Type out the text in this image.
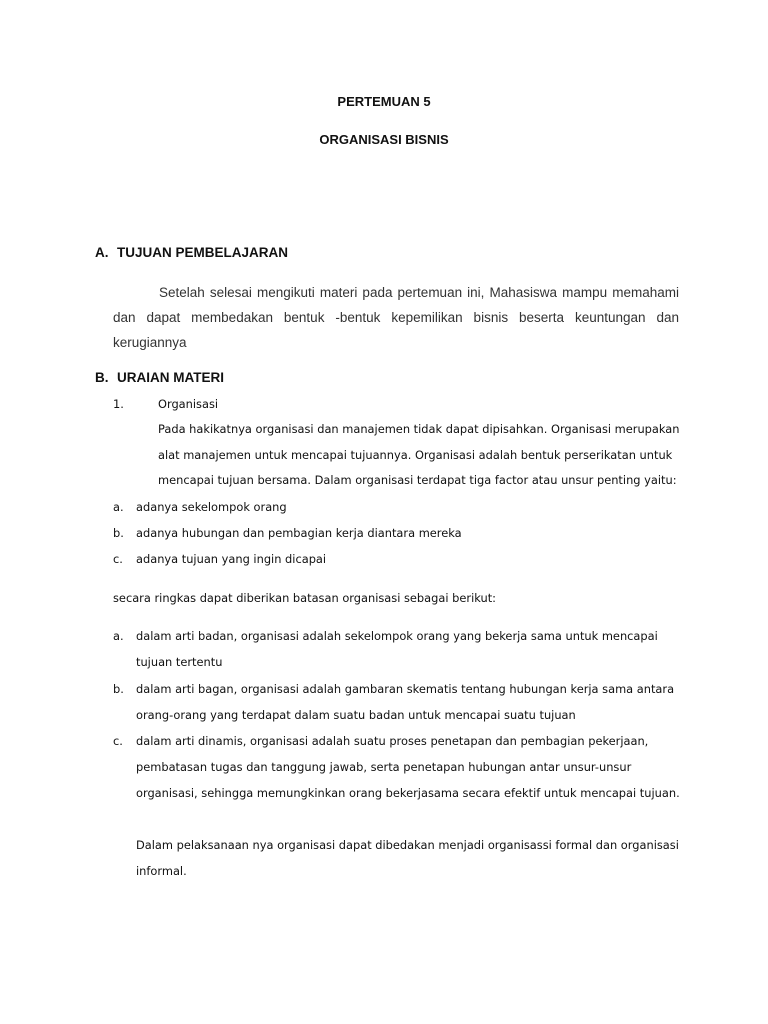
PERTEMUAN 5
ORGANISASI BISNIS
A. TUJUAN PEMBELAJARAN
Setelah selesai mengikuti materi pada pertemuan ini, Mahasiswa mampu memahami
dan dapat membedakan bentuk -bentuk kepemilikan bisnis beserta keuntungan dan
kerugiannya
B. URAIAN MATERI
1.	Organisasi
Pada hakikatnya organisasi dan manajemen tidak dapat dipisahkan. Organisasi merupakan
alat manajemen untuk mencapai tujuannya. Organisasi adalah bentuk perserikatan untuk
mencapai tujuan bersama. Dalam organisasi terdapat tiga factor atau unsur penting yaitu:
a. adanya sekelompok orang
b. adanya hubungan dan pembagian kerja diantara mereka
c. adanya tujuan yang ingin dicapai
secara ringkas dapat diberikan batasan organisasi sebagai berikut:
a. dalam arti badan, organisasi adalah sekelompok orang yang bekerja sama untuk mencapai
tujuan tertentu
b. dalam arti bagan, organisasi adalah gambaran skematis tentang hubungan kerja sama antara
orang-orang yang terdapat dalam suatu badan untuk mencapai suatu tujuan
c. dalam arti dinamis, organisasi adalah suatu proses penetapan dan pembagian pekerjaan,
pembatasan tugas dan tanggung jawab, serta penetapan hubungan antar unsur-unsur
organisasi, sehingga memungkinkan orang bekerjasama secara efektif untuk mencapai tujuan.
Dalam pelaksanaan nya organisasi dapat dibedakan menjadi organisassi formal dan organisasi
informal.
